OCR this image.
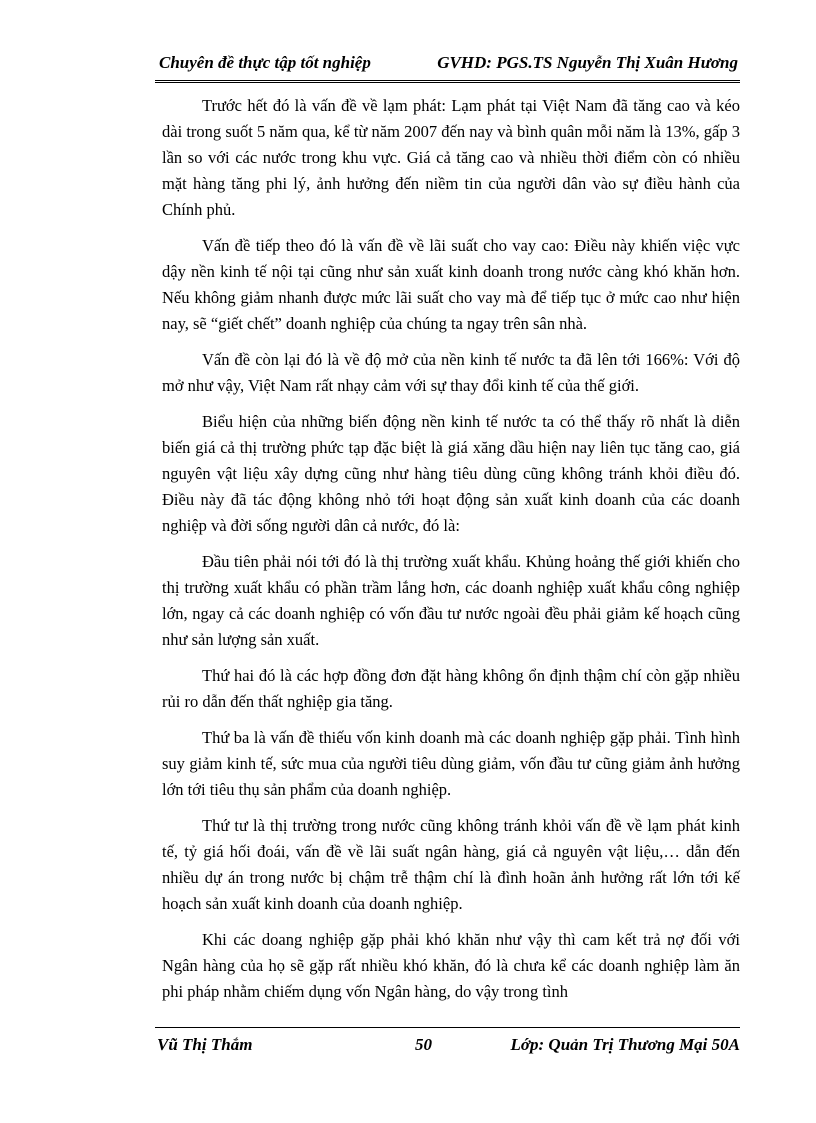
Chuyên đề thực tập tốt nghiệp	GVHD: PGS.TS Nguyễn Thị Xuân Hương

Trước hết đó là vấn đề về lạm phát: Lạm phát tại Việt Nam đã tăng cao và kéo dài trong suốt 5 năm qua, kể từ năm 2007 đến nay và bình quân mỗi năm là 13%, gấp 3 lần so với các nước trong khu vực. Giá cả tăng cao và nhiều thời điểm còn có nhiều mặt hàng tăng phi lý, ảnh hưởng đến niềm tin của người dân vào sự điều hành của Chính phủ.

Vấn đề tiếp theo đó là vấn đề về lãi suất cho vay cao: Điều này khiến việc vực dậy nền kinh tế nội tại cũng như sản xuất kinh doanh trong nước càng khó khăn hơn. Nếu không giảm nhanh được mức lãi suất cho vay mà để tiếp tục ở mức cao như hiện nay, sẽ “giết chết” doanh nghiệp của chúng ta ngay trên sân nhà.

Vấn đề còn lại đó là về độ mở của nền kinh tế nước ta đã lên tới 166%: Với độ mở như vậy, Việt Nam rất nhạy cảm với sự thay đổi kinh tế của thế giới.

Biểu hiện của những biến động nền kinh tế nước ta có thể thấy rõ nhất là diễn biến giá cả thị trường phức tạp đặc biệt là giá xăng dầu hiện nay liên tục tăng cao, giá nguyên vật liệu xây dựng cũng như hàng tiêu dùng cũng không tránh khỏi điều đó. Điều này đã tác động không nhỏ tới hoạt động sản xuất kinh doanh của các doanh nghiệp và đời sống người dân cả nước, đó là:

Đầu tiên phải nói tới đó là thị trường xuất khẩu. Khủng hoảng thế giới khiến cho thị trường xuất khẩu có phần trầm lắng hơn, các doanh nghiệp xuất khẩu công nghiệp lớn, ngay cả các doanh nghiệp có vốn đầu tư nước ngoài đều phải giảm kế hoạch cũng như sản lượng sản xuất.

Thứ hai đó là các hợp đồng đơn đặt hàng không ổn định thậm chí còn gặp nhiều rủi ro dẫn đến thất nghiệp gia tăng.

Thứ ba là vấn đề thiếu vốn kinh doanh mà các doanh nghiệp gặp phải. Tình hình suy giảm kinh tế, sức mua của người tiêu dùng giảm, vốn đầu tư cũng giảm ảnh hưởng lớn tới tiêu thụ sản phẩm của doanh nghiệp.

Thứ tư là thị trường trong nước cũng không tránh khỏi vấn đề về lạm phát kinh tế, tỷ giá hối đoái, vấn đề về lãi suất ngân hàng, giá cả nguyên vật liệu,… dẫn đến nhiều dự án trong nước bị chậm trễ thậm chí là đình hoãn ảnh hưởng rất lớn tới kế hoạch sản xuất kinh doanh của doanh nghiệp.

Khi các doang nghiệp gặp phải khó khăn như vậy thì cam kết trả nợ đối với Ngân hàng của họ sẽ gặp rất nhiều khó khăn, đó là chưa kể các doanh nghiệp làm ăn phi pháp nhằm chiếm dụng vốn Ngân hàng, do vậy trong tình

Vũ Thị Thắm	50	Lớp: Quản Trị Thương Mại 50A
